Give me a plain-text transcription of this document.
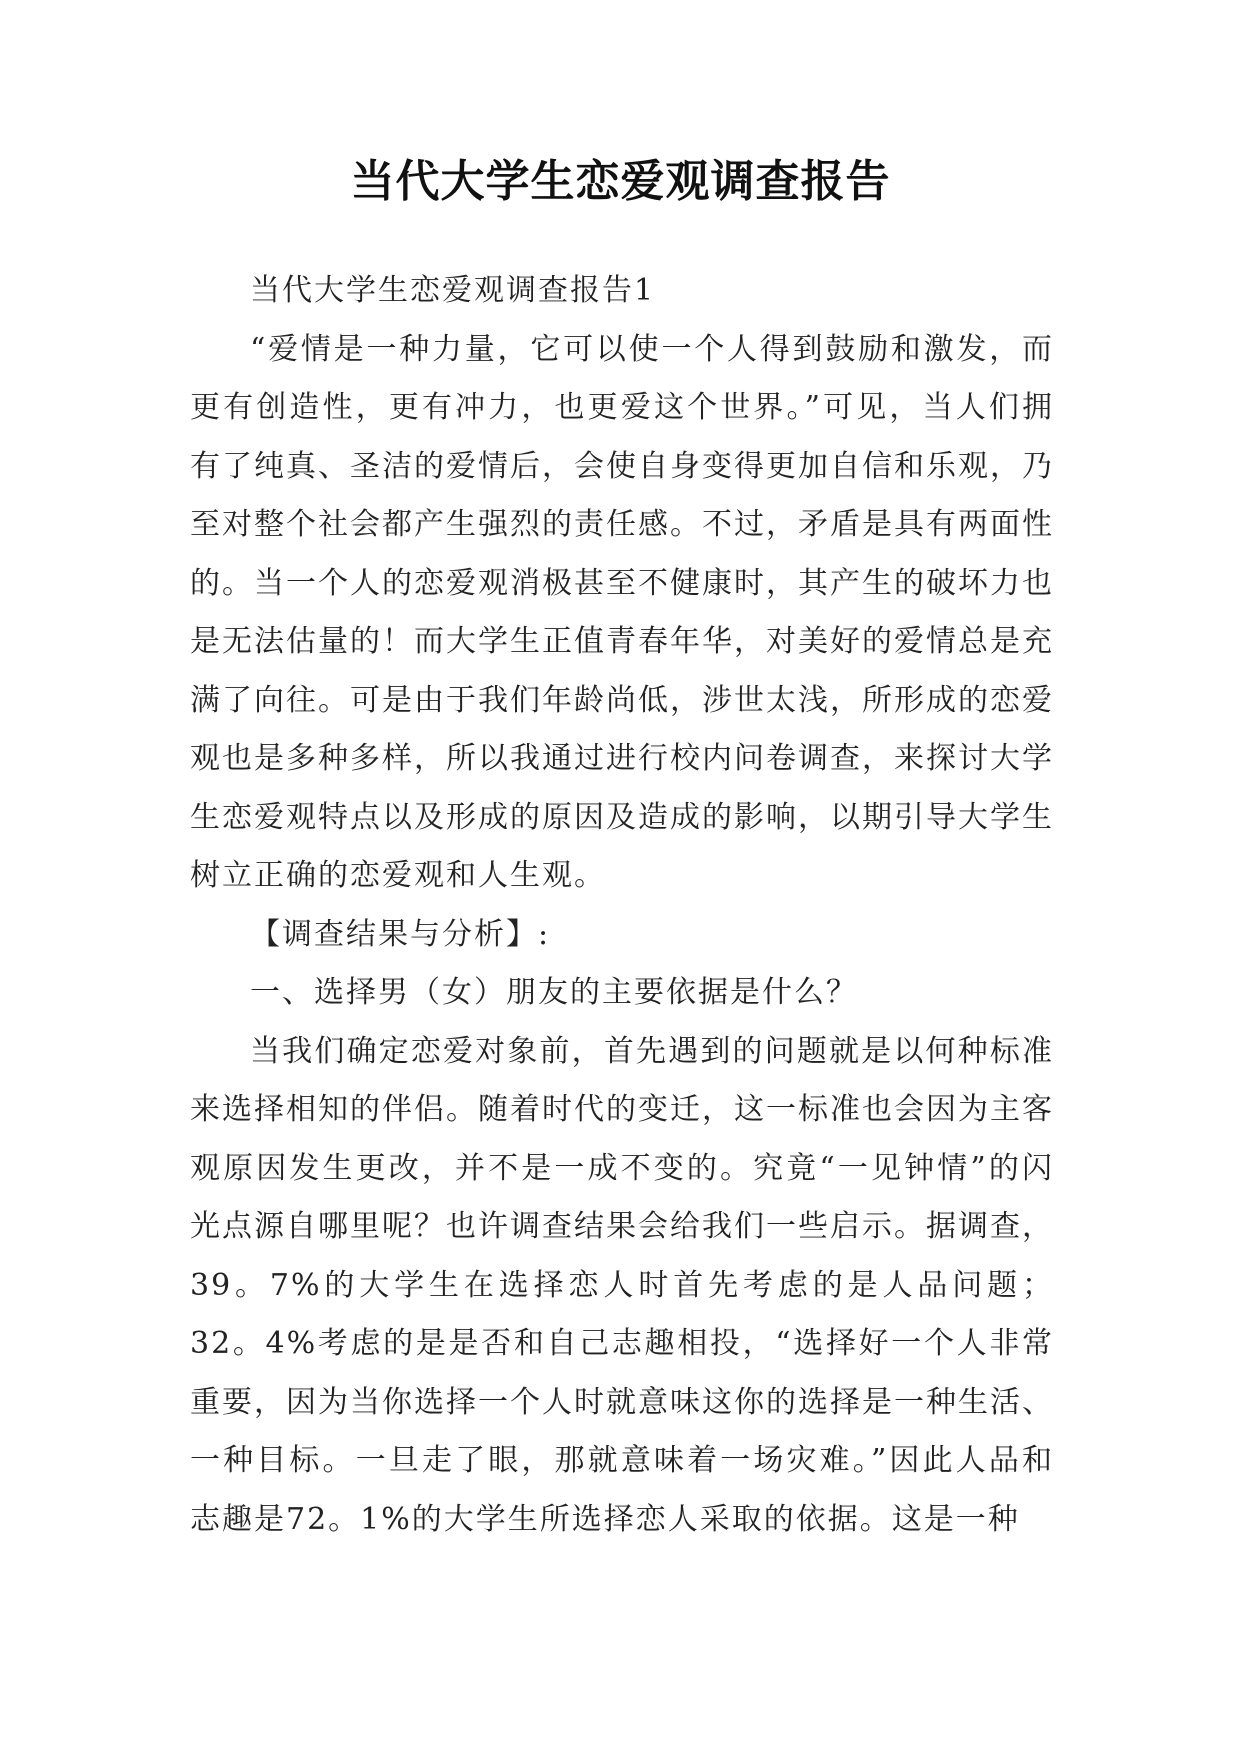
当代大学生恋爱观调查报告

当代大学生恋爱观调查报告1

“爱情是一种力量，它可以使一个人得到鼓励和激发，而更有创造性，更有冲力，也更爱这个世界。”可见，当人们拥有了纯真、圣洁的爱情后，会使自身变得更加自信和乐观，乃至对整个社会都产生强烈的责任感。不过，矛盾是具有两面性的。当一个人的恋爱观消极甚至不健康时，其产生的破坏力也是无法估量的！而大学生正值青春年华，对美好的爱情总是充满了向往。可是由于我们年龄尚低，涉世太浅，所形成的恋爱观也是多种多样，所以我通过进行校内问卷调查，来探讨大学生恋爱观特点以及形成的原因及造成的影响，以期引导大学生树立正确的恋爱观和人生观。

【调查结果与分析】:

一、选择男（女）朋友的主要依据是什么？

当我们确定恋爱对象前，首先遇到的问题就是以何种标准来选择相知的伴侣。随着时代的变迁，这一标准也会因为主客观原因发生更改，并不是一成不变的。究竟“一见钟情”的闪光点源自哪里呢？也许调查结果会给我们一些启示。据调查，39。7%的大学生在选择恋人时首先考虑的是人品问题；32。4%考虑的是是否和自己志趣相投，“选择好一个人非常重要，因为当你选择一个人时就意味这你的选择是一种生活、一种目标。一旦走了眼，那就意味着一场灾难。”因此人品和志趣是72。1%的大学生所选择恋人采取的依据。这是一种
